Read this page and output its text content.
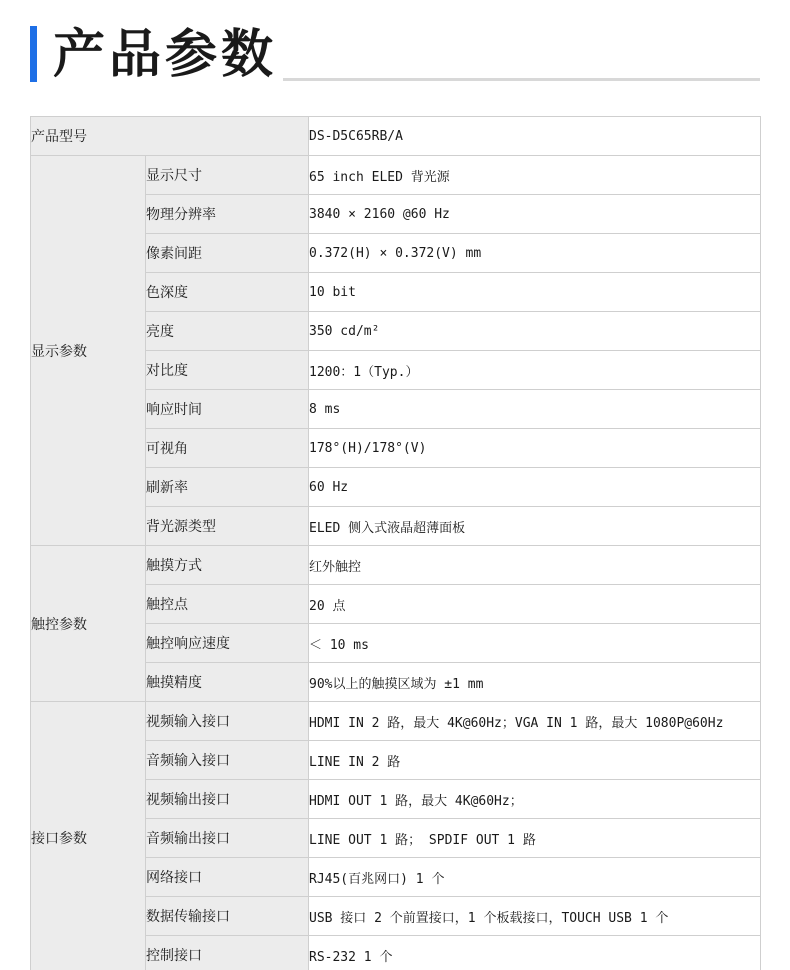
产品参数
产品型号		DS-D5C65RB/A
显示参数	显示尺寸	65 inch ELED 背光源
	物理分辨率	3840 × 2160 @60 Hz
	像素间距	0.372(H) × 0.372(V) mm
	色深度	10 bit
	亮度	350 cd/m²
	对比度	1200：1（Typ.）
	响应时间	8 ms
	可视角	178°(H)/178°(V)
	刷新率	60 Hz
	背光源类型	ELED 侧入式液晶超薄面板
触控参数	触摸方式	红外触控
	触控点	20 点
	触控响应速度	＜ 10 ms
	触摸精度	90%以上的触摸区域为 ±1 mm
接口参数	视频输入接口	HDMI IN 2 路，最大 4K@60Hz；VGA IN 1 路，最大 1080P@60Hz
	音频输入接口	LINE IN 2 路
	视频输出接口	HDMI OUT 1 路，最大 4K@60Hz；
	音频输出接口	LINE OUT 1 路； SPDIF OUT 1 路
	网络接口	RJ45(百兆网口) 1 个
	数据传输接口	USB 接口 2 个前置接口，1 个板载接口，TOUCH USB 1 个
	控制接口	RS-232 1 个
